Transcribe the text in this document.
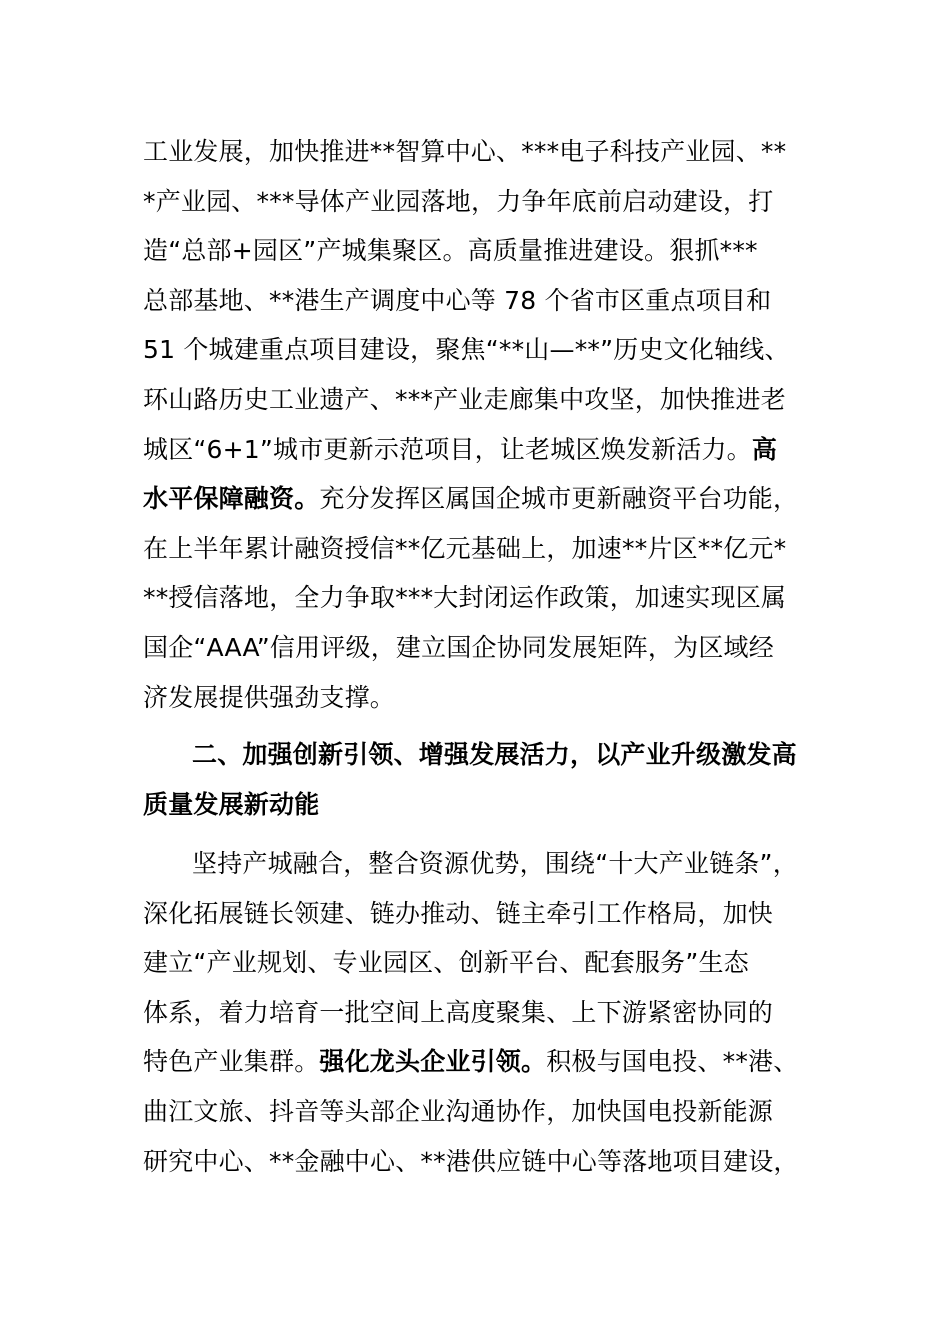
工业发展，加快推进**智算中心、***电子科技产业园、**
*产业园、***导体产业园落地，力争年底前启动建设，打
造“总部+园区”产城集聚区。高质量推进建设。狠抓***
总部基地、**港生产调度中心等 78 个省市区重点项目和
51 个城建重点项目建设，聚焦“**山—**”历史文化轴线、
环山路历史工业遗产、***产业走廊集中攻坚，加快推进老
城区“6+1”城市更新示范项目，让老城区焕发新活力。高
水平保障融资。充分发挥区属国企城市更新融资平台功能，
在上半年累计融资授信**亿元基础上，加速**片区**亿元*
**授信落地，全力争取***大封闭运作政策，加速实现区属
国企“AAA”信用评级，建立国企协同发展矩阵，为区域经
济发展提供强劲支撑。
二、加强创新引领、增强发展活力，以产业升级激发高
质量发展新动能
坚持产城融合，整合资源优势，围绕“十大产业链条”，
深化拓展链长领建、链办推动、链主牵引工作格局，加快
建立“产业规划、专业园区、创新平台、配套服务”生态
体系，着力培育一批空间上高度聚集、上下游紧密协同的
特色产业集群。强化龙头企业引领。积极与国电投、**港、
曲江文旅、抖音等头部企业沟通协作，加快国电投新能源
研究中心、**金融中心、**港供应链中心等落地项目建设，
